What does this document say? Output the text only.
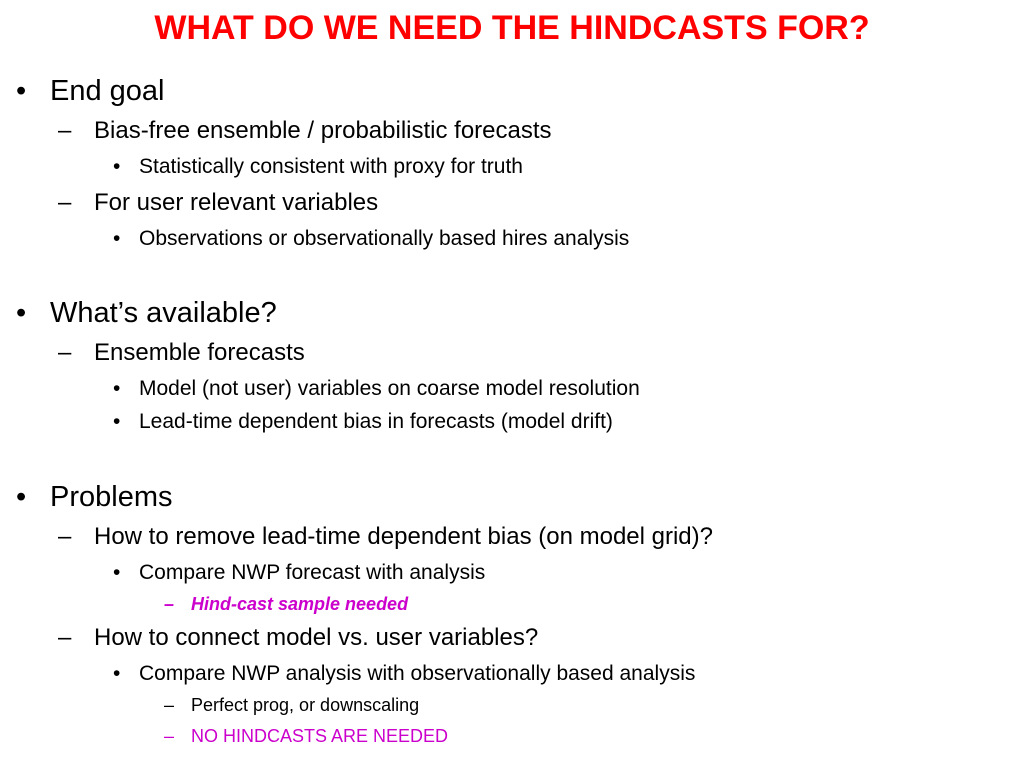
WHAT DO WE NEED THE HINDCASTS FOR?
• End goal
– Bias-free ensemble / probabilistic forecasts
• Statistically consistent with proxy for truth
– For user relevant variables
• Observations or observationally based hires analysis
• What’s available?
– Ensemble forecasts
• Model (not user) variables on coarse model resolution
• Lead-time dependent bias in forecasts (model drift)
• Problems
– How to remove lead-time dependent bias (on model grid)?
• Compare NWP forecast with analysis
– Hind-cast sample needed
– How to connect model vs. user variables?
• Compare NWP analysis with observationally based analysis
– Perfect prog, or downscaling
– NO HINDCASTS ARE NEEDED
